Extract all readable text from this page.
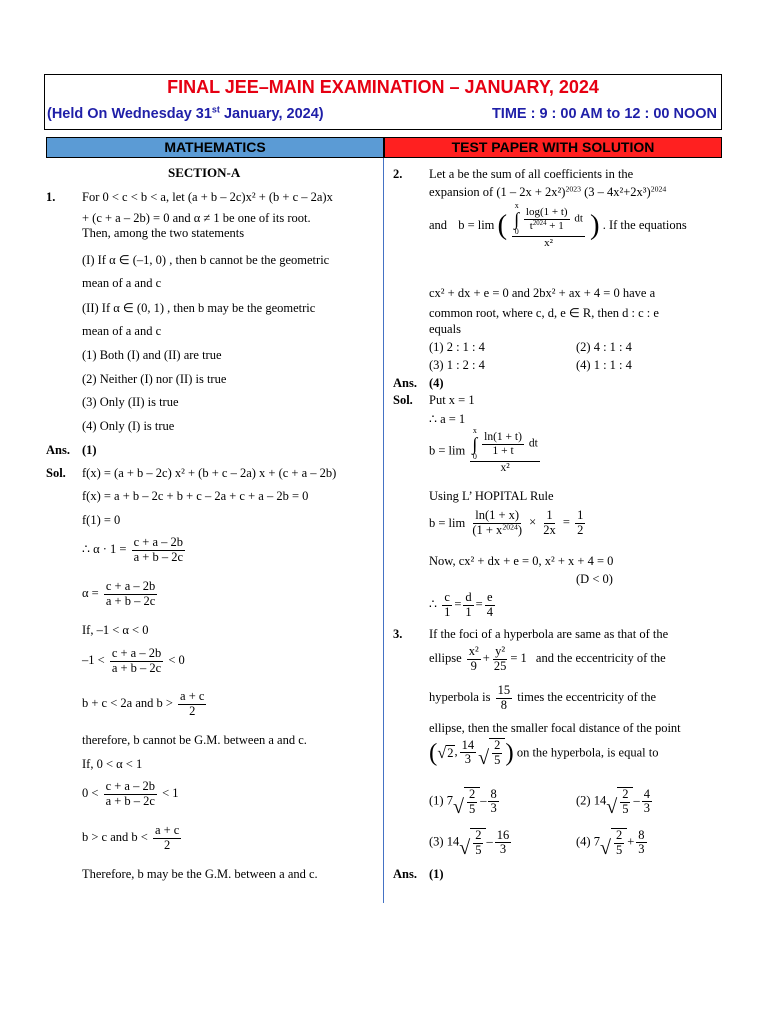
FINAL JEE–MAIN EXAMINATION – JANUARY, 2024
(Held On Wednesday 31st January, 2024)	TIME : 9 : 00 AM to 12 : 00 NOON
MATHEMATICS	TEST PAPER WITH SOLUTION
SECTION-A
1. For 0 < c < b < a, let (a + b – 2c)x² + (b + c – 2a)x
+ (c + a – 2b) = 0 and α ≠ 1 be one of its root.
Then, among the two statements
(I) If α ∈ (–1, 0) , then b cannot be the geometric
mean of a and c
(II) If α ∈ (0, 1) , then b may be the geometric
mean of a and c
(1) Both (I) and (II) are true
(2) Neither (I) nor (II) is true
(3) Only (II) is true
(4) Only (I) is true
Ans. (1)
Sol. f(x) = (a + b – 2c) x² + (b + c – 2a) x + (c + a – 2b)
f(x) = a + b – 2c + b + c – 2a + c + a – 2b = 0
f(1) = 0
∴ $\alpha \cdot 1 = \frac{c + a - 2b}{a + b - 2c}$
$\alpha = \frac{c + a - 2b}{a + b - 2c}$
If, –1 < α < 0
$-1 < \frac{c + a - 2b}{a + b - 2c} < 0$
b + c < 2a and $b > \frac{a + c}{2}$
therefore, b cannot be G.M. between a and c.
If, 0 < α < 1
$0 < \frac{c + a - 2b}{a + b - 2c} < 1$
b > c and $b < \frac{a + c}{2}$
Therefore, b may be the G.M. between a and c.
2. Let a be the sum of all coefficients in the
expansion of $(1 - 2x + 2x^2)^{2023}$ $(3 - 4x^2+2x^3)^{2024}$
and b = lim ( x
∫
0
$\frac{\log(1 + t)}{t^{2024} + 1}$ dt
x² ) . If the equations
cx² + dx + e = 0 and 2bx² + ax + 4 = 0 have a
common root, where c, d, e ∈ R, then d : c : e
equals
(1) 2 : 1 : 4	(2) 4 : 1 : 4
(3) 1 : 2 : 4	(4) 1 : 1 : 4
Ans. (4)
Sol. Put x = 1
∴ a = 1
b = lim x
∫
0
$\frac{\ln(1 + t)}{1 + t}$ dt
x²
Using L’ HOPITAL Rule
$b = \lim \frac{\ln(1 + x)}{(1 + x^{2024})} \times \frac{1}{2x} = \frac{1}{2}$
Now, cx² + dx + e = 0, x² + x + 4 = 0
(D < 0)
∴ $\frac{c}{1} = \frac{d}{1} = \frac{e}{4}$
3. If the foci of a hyperbola are same as that of the
ellipse $\frac{\text{x²}}{9} + \frac{\text{y²}}{25} = 1$ and the eccentricity of the
hyperbola is $\frac{15}{8}$ times the eccentricity of the
ellipse, then the smaller focal distance of the point
( √ 2 , $\frac{14}{3}$ √ $\frac{2}{5}$ ) on the hyperbola, is equal to
(1) 7 √ $\frac{2}{5} - \frac{8}{3}$	(2) 14 √ $\frac{2}{5} - \frac{4}{3}$
(3) 14 √ $\frac{2}{5} - \frac{16}{3}$	(4) 7 √ $\frac{2}{5} + \frac{8}{3}$
Ans. (1)
